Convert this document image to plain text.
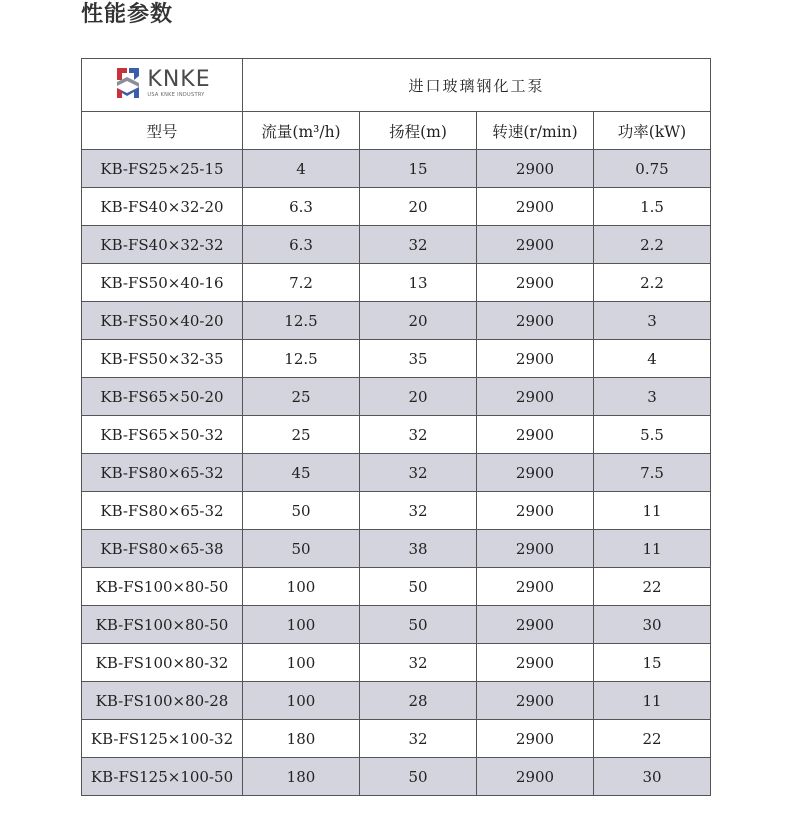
性能参数
KNKE
USA KNKE INDUSTRY	进口玻璃钢化工泵			
型号	流量(m³/h)	扬程(m)	转速(r/min)	功率(kW)
KB-FS25×25-15	4	15	2900	0.75
KB-FS40×32-20	6.3	20	2900	1.5
KB-FS40×32-32	6.3	32	2900	2.2
KB-FS50×40-16	7.2	13	2900	2.2
KB-FS50×40-20	12.5	20	2900	3
KB-FS50×32-35	12.5	35	2900	4
KB-FS65×50-20	25	20	2900	3
KB-FS65×50-32	25	32	2900	5.5
KB-FS80×65-32	45	32	2900	7.5
KB-FS80×65-32	50	32	2900	11
KB-FS80×65-38	50	38	2900	11
KB-FS100×80-50	100	50	2900	22
KB-FS100×80-50	100	50	2900	30
KB-FS100×80-32	100	32	2900	15
KB-FS100×80-28	100	28	2900	11
KB-FS125×100-32	180	32	2900	22
KB-FS125×100-50	180	50	2900	30
